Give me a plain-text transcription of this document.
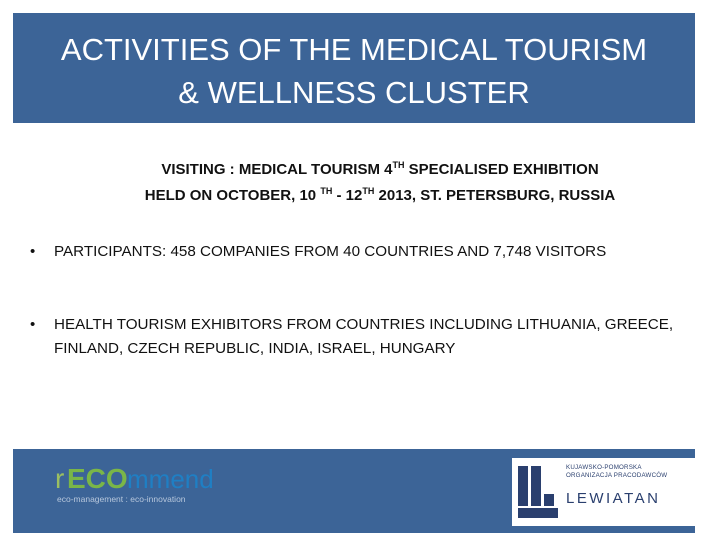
ACTIVITIES OF THE MEDICAL TOURISM
& WELLNESS CLUSTER
VISITING : MEDICAL TOURISM 4TH SPECIALISED EXHIBITION
HELD ON OCTOBER, 10 $^{TH}$ - 12TH 2013, ST. PETERSBURG, RUSSIA
• PARTICIPANTS: 458 COMPANIES FROM 40 COUNTRIES AND 7,748 VISITORS
• HEALTH TOURISM EXHIBITORS FROM COUNTRIES INCLUDING LITHUANIA, GREECE, FINLAND, CZECH REPUBLIC, INDIA, ISRAEL, HUNGARY
r ECO mmend
eco-management : eco-innovation
KUJAWSKO-POMORSKA
ORGANIZACJA PRACODAWCÓW
LEWIATAN
